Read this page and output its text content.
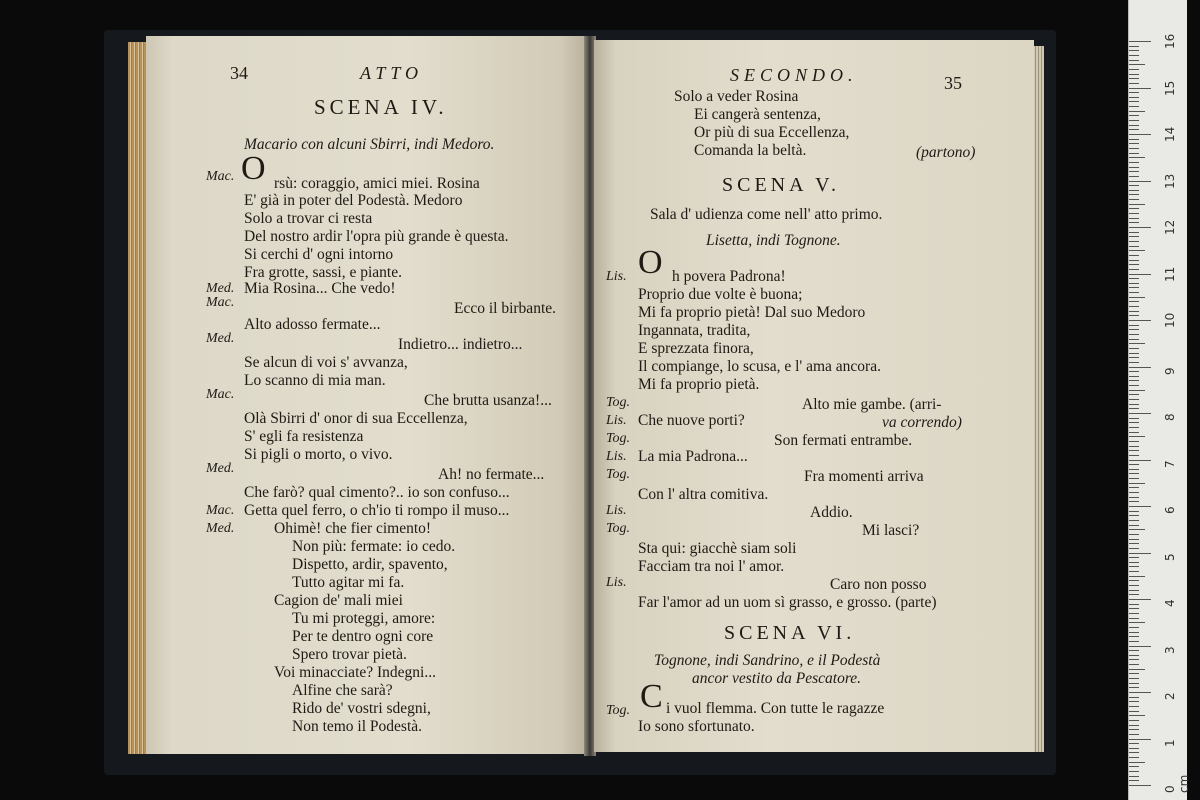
34	ATTO
SCENA IV.
Macario con alcuni Sbirri, indi Medoro.
Mac. O rsù: coraggio, amici miei. Rosina
E' già in poter del Podestà. Medoro
Solo a trovar ci resta
Del nostro ardir l'opra più grande è questa.
Si cerchi d' ogni intorno
Fra grotte, sassi, e piante.
Med. Mia Rosina... Che vedo!
Mac.	Ecco il birbante.
Alto adosso fermate...
Med.	Indietro... indietro...
Se alcun di voi s' avvanza,
Lo scanno di mia man.
Mac.	Che brutta usanza!...
Olà Sbirri d' onor di sua Eccellenza,
S' egli fa resistenza
Si pigli o morto, o vivo.
Med.	Ah! no fermate...
Che farò? qual cimento?.. io son confuso...
Mac. Getta quel ferro, o ch'io ti rompo il muso...
Med.	Ohimè! che fier cimento!
Non più: fermate: io cedo.
Dispetto, ardir, spavento,
Tutto agitar mi fa.
Cagion de' mali miei
Tu mi proteggi, amore:
Per te dentro ogni core
Spero trovar pietà.
Voi minacciate? Indegni...
Alfine che sarà?
Rido de' vostri sdegni,
Non temo il Podestà.
SECONDO.	35
Solo a veder Rosina
Ei cangerà sentenza,
Or più di sua Eccellenza,
Comanda la beltà.	(partono)
SCENA V.
Sala d' udienza come nell' atto primo.
Lisetta, indi Tognone.
Lis. O h povera Padrona!
Proprio due volte è buona;
Mi fa proprio pietà! Dal suo Medoro
Ingannata, tradita,
E sprezzata finora,
Il compiange, lo scusa, e l' ama ancora.
Mi fa proprio pietà.
Tog.	Alto mie gambe. (arri-
Lis. Che nuove porti?	va correndo)
Tog.	Son fermati entrambe.
Lis. La mia Padrona...
Tog.	Fra momenti arriva
Con l' altra comitiva.
Lis.	Addio.
Tog.	Mi lasci?
Sta qui: giacchè siam soli
Facciam tra noi l' amor.
Lis.	Caro non posso
Far l'amor ad un uom sì grasso, e grosso. (parte)
SCENA VI.
Tognone, indi Sandrino, e il Podestà
ancor vestito da Pescatore.
Tog. C i vuol flemma. Con tutte le ragazze
Io sono sfortunato.
0 cm
1
2
3
4
5
6
7
8
9
10
11
12
13
14
15
16
